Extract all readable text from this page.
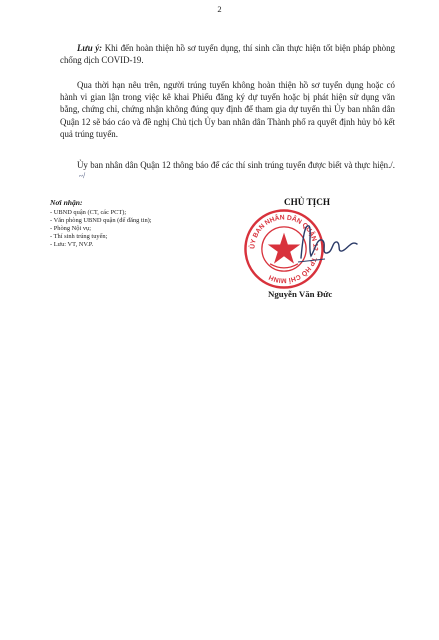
2

Lưu ý: Khi đến hoàn thiện hồ sơ tuyển dụng, thí sinh cần thực hiện tốt biện pháp phòng chống dịch COVID-19.

Qua thời hạn nêu trên, người trúng tuyển không hoàn thiện hồ sơ tuyển dụng hoặc có hành vi gian lận trong việc kê khai Phiếu đăng ký dự tuyển hoặc bị phát hiện sử dụng văn bằng, chứng chỉ, chứng nhận không đúng quy định để tham gia dự tuyển thì Ủy ban nhân dân Quận 12 sẽ báo cáo và đề nghị Chủ tịch Ủy ban nhân dân Thành phố ra quyết định hủy bỏ kết quả trúng tuyển.

Ủy ban nhân dân Quận 12 thông báo để các thí sinh trúng tuyển được biết và thực hiện./.~/

Nơi nhận:
- UBND quận (CT, các PCT);
- Văn phòng UBND quận (để đăng tin);
- Phòng Nội vụ;
- Thí sinh trúng tuyển;
- Lưu: VT, NV.P.	ỦY BAN NHÂN DÂN QUẬN 12 - TP HỒ CHÍ MINH
CHỦ TỊCH
Nguyễn Văn Đức
